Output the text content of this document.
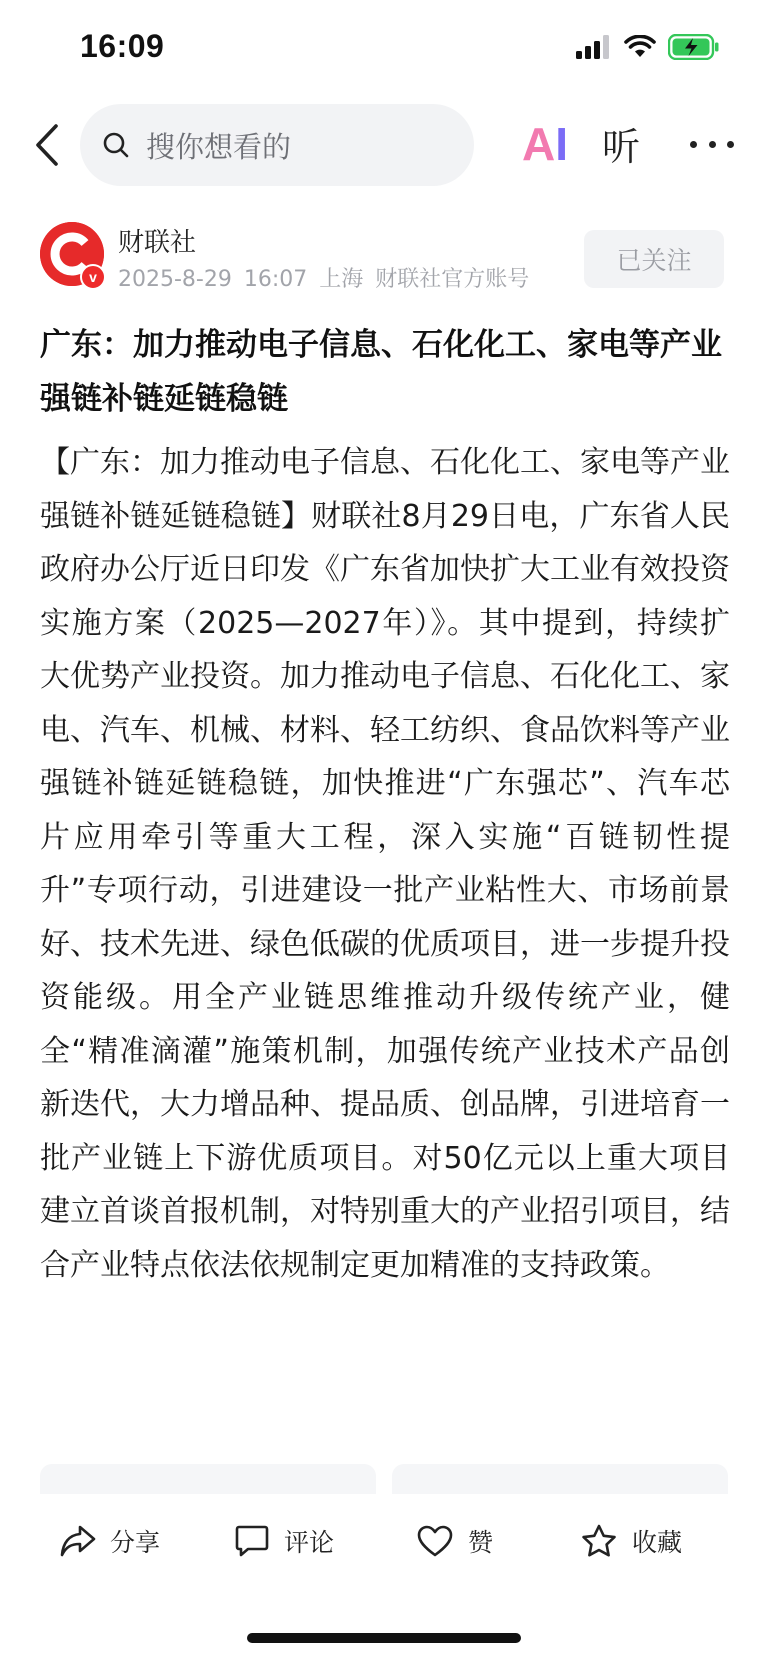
16:09
搜你想看的	A I 听
v
财联社
2025-8-29 16:07 上海 财联社官方账号
已关注
广东：加力推动电子信息、石化化工、家电等产业强链补链延链稳链
【广东：加力推动电子信息、石化化工、家电等产业强链补链延链稳链】财联社8月29日电，广东省人民政府办公厅近日印发《广东省加快扩大工业有效投资实施方案（2025—2027年）》。其中提到，持续扩大优势产业投资。加力推动电子信息、石化化工、家电、汽车、机械、材料、轻工纺织、食品饮料等产业强链补链延链稳链，加快推进“广东强芯”、汽车芯片应用牵引等重大工程，深入实施“百链韧性提升”专项行动，引进建设一批产业粘性大、市场前景好、技术先进、绿色低碳的优质项目，进一步提升投资能级。用全产业链思维推动升级传统产业，健全“精准滴灌”施策机制，加强传统产业技术产品创新迭代，大力增品种、提品质、创品牌，引进培育一批产业链上下游优质项目。对50亿元以上重大项目建立首谈首报机制，对特别重大的产业招引项目，结合产业特点依法依规制定更加精准的支持政策。
分享	评论	赞	收藏
